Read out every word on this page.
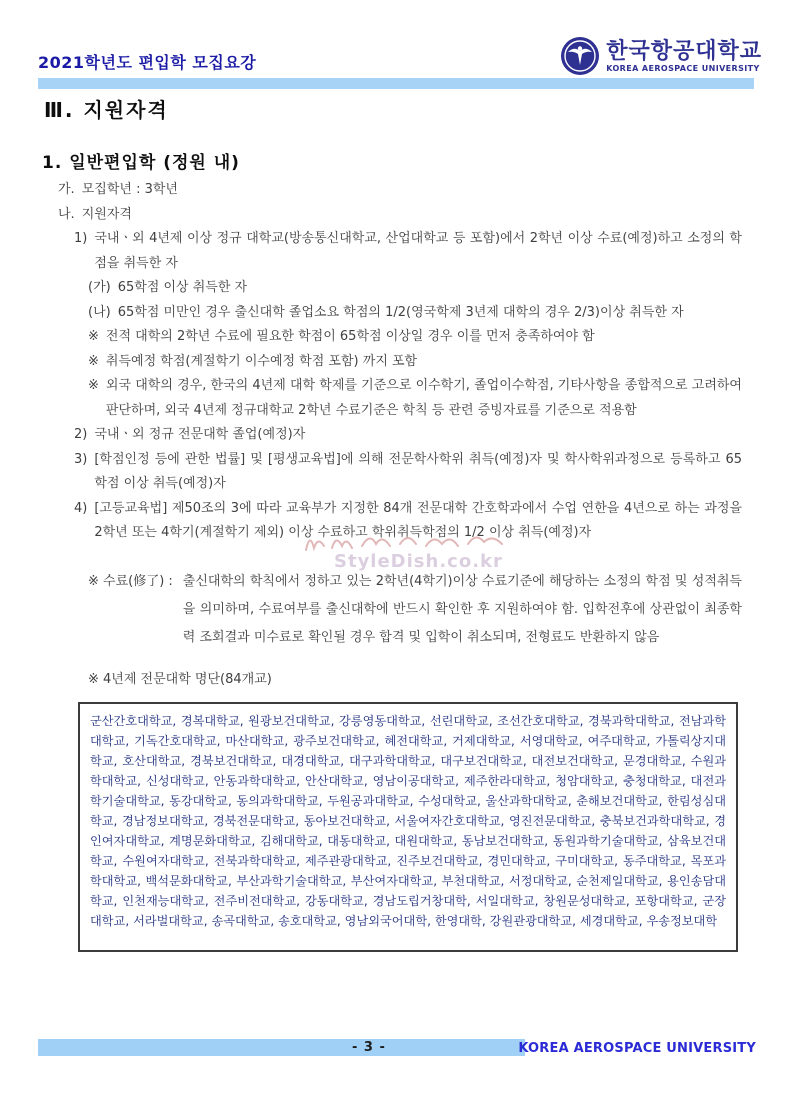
2021학년도 편입학 모집요강	한국항공대학교
KOREA AEROSPACE UNIVERSITY
Ⅲ. 지원자격
1. 일반편입학 (정원 내)
가. 모집학년 : 3학년
나. 지원자격
1) 국내ㆍ외 4년제 이상 정규 대학교(방송통신대학교, 산업대학교 등 포함)에서 2학년 이상 수료(예정)하고 소정의 학점을 취득한 자
(가) 65학점 이상 취득한 자
(나) 65학점 미만인 경우 출신대학 졸업소요 학점의 1/2(영국학제 3년제 대학의 경우 2/3)이상 취득한 자
※ 전적 대학의 2학년 수료에 필요한 학점이 65학점 이상일 경우 이를 먼저 충족하여야 함
※ 취득예정 학점(계절학기 이수예정 학점 포함) 까지 포함
※ 외국 대학의 경우, 한국의 4년제 대학 학제를 기준으로 이수학기, 졸업이수학점, 기타사항을 종합적으로 고려하여 판단하며, 외국 4년제 정규대학교 2학년 수료기준은 학칙 등 관련 증빙자료를 기준으로 적용함
2) 국내ㆍ외 정규 전문대학 졸업(예정)자
3) [학점인정 등에 관한 법률] 및 [평생교육법]에 의해 전문학사학위 취득(예정)자 및 학사학위과정으로 등록하고 65학점 이상 취득(예정)자
4) [고등교육법] 제50조의 3에 따라 교육부가 지정한 84개 전문대학 간호학과에서 수업 연한을 4년으로 하는 과정을 2학년 또는 4학기(계절학기 제외) 이상 수료하고 학위취득학점의 1/2 이상 취득(예정)자
※ 수료(修了) : 출신대학의 학칙에서 정하고 있는 2학년(4학기)이상 수료기준에 해당하는 소정의 학점 및 성적취득을 의미하며, 수료여부를 출신대학에 반드시 확인한 후 지원하여야 함. 입학전후에 상관없이 최종학력 조회결과 미수료로 확인될 경우 합격 및 입학이 취소되며, 전형료도 반환하지 않음
※ 4년제 전문대학 명단(84개교)
군산간호대학교, 경복대학교, 원광보건대학교, 강릉영동대학교, 선린대학교, 조선간호대학교, 경북과학대학교, 전남과학대학교, 기독간호대학교, 마산대학교, 광주보건대학교, 혜전대학교, 거제대학교, 서영대학교, 여주대학교, 가톨릭상지대학교, 호산대학교, 경북보건대학교, 대경대학교, 대구과학대학교, 대구보건대학교, 대전보건대학교, 문경대학교, 수원과학대학교, 신성대학교, 안동과학대학교, 안산대학교, 영남이공대학교, 제주한라대학교, 청암대학교, 충청대학교, 대전과학기술대학교, 동강대학교, 동의과학대학교, 두원공과대학교, 수성대학교, 울산과학대학교, 춘해보건대학교, 한림성심대학교, 경남정보대학교, 경북전문대학교, 동아보건대학교, 서울여자간호대학교, 영진전문대학교, 충북보건과학대학교, 경인여자대학교, 계명문화대학교, 김해대학교, 대동대학교, 대원대학교, 동남보건대학교, 동원과학기술대학교, 삼육보건대학교, 수원여자대학교, 전북과학대학교, 제주관광대학교, 진주보건대학교, 경민대학교, 구미대학교, 동주대학교, 목포과학대학교, 백석문화대학교, 부산과학기술대학교, 부산여자대학교, 부천대학교, 서정대학교, 순천제일대학교, 용인송담대학교, 인천재능대학교, 전주비전대학교, 강동대학교, 경남도립거창대학, 서일대학교, 창원문성대학교, 포항대학교, 군장대학교, 서라벌대학교, 송곡대학교, 송호대학교, 영남외국어대학, 한영대학, 강원관광대학교, 세경대학교, 우송정보대학
StyleDish.co.kr
- 3 -	KOREA AEROSPACE UNIVERSITY
